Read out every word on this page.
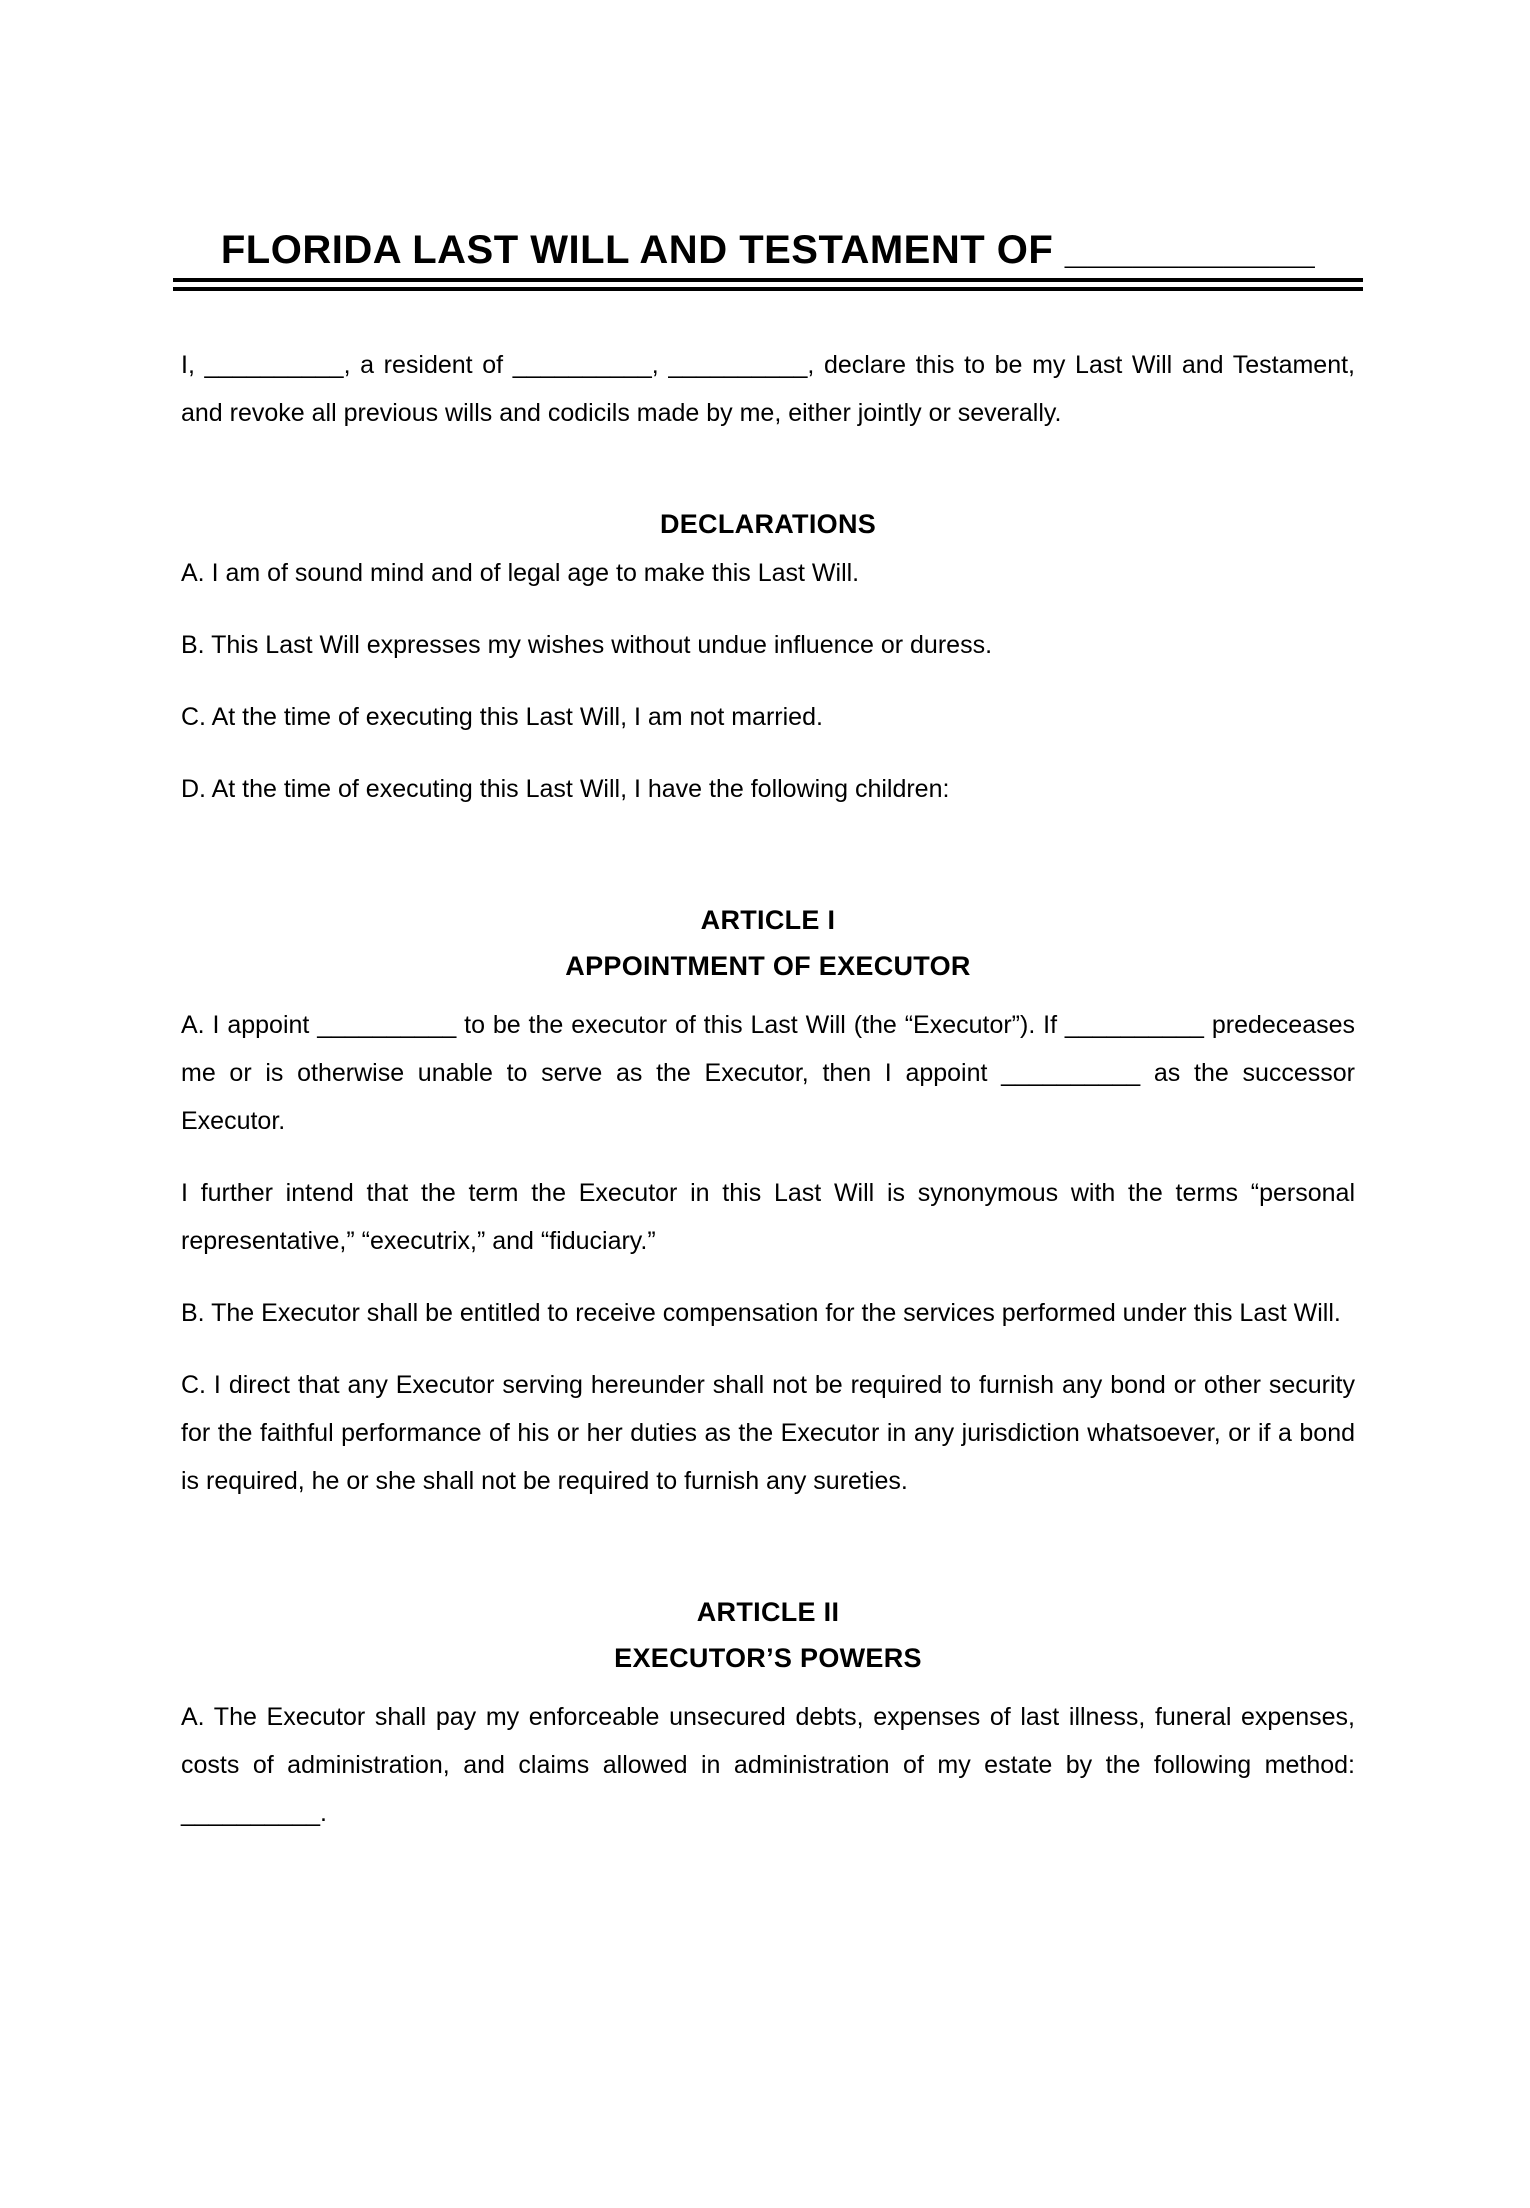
FLORIDA LAST WILL AND TESTAMENT OF ___________
I, __________, a resident of __________, __________, declare this to be my Last Will and Testament,
and revoke all previous wills and codicils made by me, either jointly or severally.
DECLARATIONS
A. I am of sound mind and of legal age to make this Last Will.
B. This Last Will expresses my wishes without undue influence or duress.
C. At the time of executing this Last Will, I am not married.
D. At the time of executing this Last Will, I have the following children:
ARTICLE I
APPOINTMENT OF EXECUTOR
A. I appoint __________ to be the executor of this Last Will (the “Executor”). If __________ predeceases
me or is otherwise unable to serve as the Executor, then I appoint __________ as the successor
Executor.
I further intend that the term the Executor in this Last Will is synonymous with the terms “personal
representative,” “executrix,” and “fiduciary.”
B. The Executor shall be entitled to receive compensation for the services performed under this Last Will.
C. I direct that any Executor serving hereunder shall not be required to furnish any bond or other security
for the faithful performance of his or her duties as the Executor in any jurisdiction whatsoever, or if a bond
is required, he or she shall not be required to furnish any sureties.
ARTICLE II
EXECUTOR’S POWERS
A. The Executor shall pay my enforceable unsecured debts, expenses of last illness, funeral expenses,
costs of administration, and claims allowed in administration of my estate by the following method:
__________.
